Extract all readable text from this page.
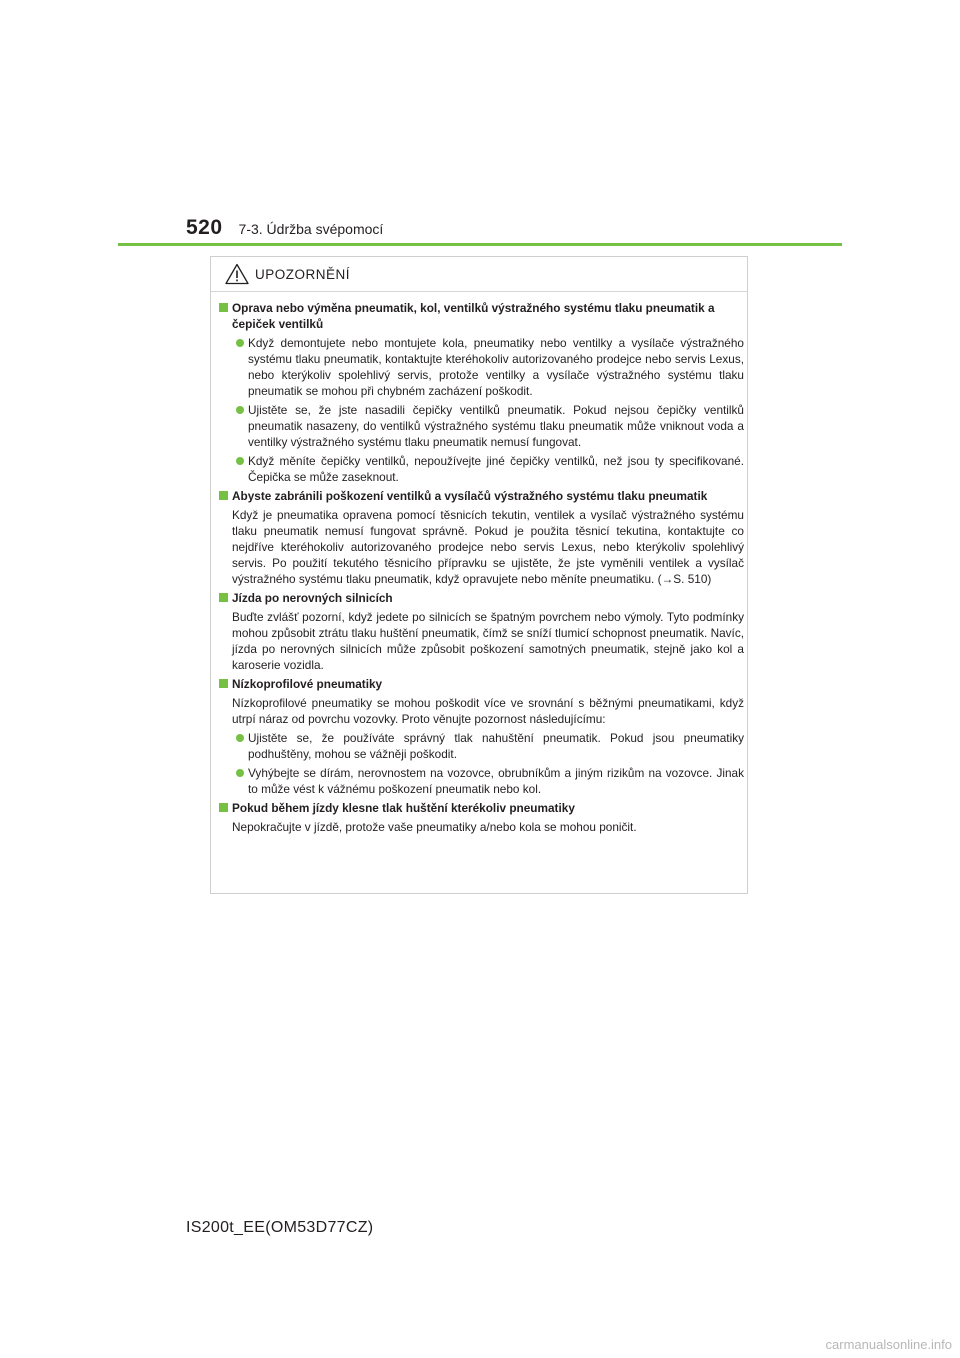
520 7-3. Údržba svépomocí
UPOZORNĚNÍ
Oprava nebo výměna pneumatik, kol, ventilků výstražného systému tlaku pneumatik a čepiček ventilků
Když demontujete nebo montujete kola, pneumatiky nebo ventilky a vysílače výstražného systému tlaku pneumatik, kontaktujte kteréhokoliv autorizovaného prodejce nebo servis Lexus, nebo kterýkoliv spolehlivý servis, protože ventilky a vysílače výstražného systému tlaku pneumatik se mohou při chybném zacházení poškodit.
Ujistěte se, že jste nasadili čepičky ventilků pneumatik. Pokud nejsou čepičky ventilků pneumatik nasazeny, do ventilků výstražného systému tlaku pneumatik může vniknout voda a ventilky výstražného systému tlaku pneumatik nemusí fungovat.
Když měníte čepičky ventilků, nepoužívejte jiné čepičky ventilků, než jsou ty specifikované. Čepička se může zaseknout.
Abyste zabránili poškození ventilků a vysílačů výstražného systému tlaku pneumatik
Když je pneumatika opravena pomocí těsnicích tekutin, ventilek a vysílač výstražného systému tlaku pneumatik nemusí fungovat správně. Pokud je použita těsnicí tekutina, kontaktujte co nejdříve kteréhokoliv autorizovaného prodejce nebo servis Lexus, nebo kterýkoliv spolehlivý servis. Po použití tekutého těsnicího přípravku se ujistěte, že jste vyměnili ventilek a vysílač výstražného systému tlaku pneumatik, když opravujete nebo měníte pneumatiku. (→S. 510)
Jízda po nerovných silnicích
Buďte zvlášť pozorní, když jedete po silnicích se špatným povrchem nebo výmoly. Tyto podmínky mohou způsobit ztrátu tlaku huštění pneumatik, čímž se sníží tlumicí schopnost pneumatik. Navíc, jízda po nerovných silnicích může způsobit poškození samotných pneumatik, stejně jako kol a karoserie vozidla.
Nízkoprofilové pneumatiky
Nízkoprofilové pneumatiky se mohou poškodit více ve srovnání s běžnými pneumatikami, když utrpí náraz od povrchu vozovky. Proto věnujte pozornost následujícímu:
Ujistěte se, že používáte správný tlak nahuštění pneumatik. Pokud jsou pneumatiky podhuštěny, mohou se vážněji poškodit.
Vyhýbejte se dírám, nerovnostem na vozovce, obrubníkům a jiným rizikům na vozovce. Jinak to může vést k vážnému poškození pneumatik nebo kol.
Pokud během jízdy klesne tlak huštění kterékoliv pneumatiky
Nepokračujte v jízdě, protože vaše pneumatiky a/nebo kola se mohou poničit.
IS200t_EE(OM53D77CZ)
carmanualsonline.info
